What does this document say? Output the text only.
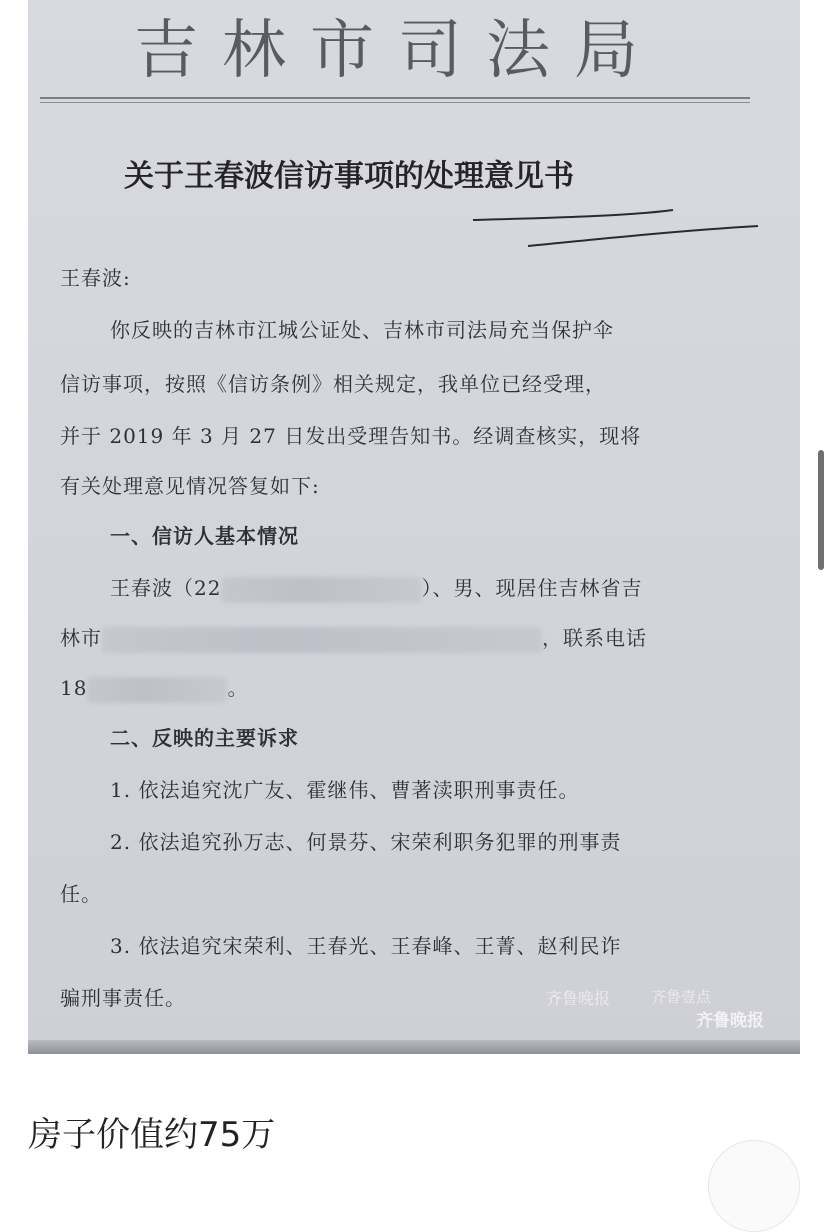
吉林市司法局
关于王春波信访事项的处理意见书
王春波:
你反映的吉林市江城公证处、吉林市司法局充当保护伞
信访事项，按照《信访条例》相关规定，我单位已经受理，
并于 2019 年 3 月 27 日发出受理告知书。经调查核实，现将
有关处理意见情况答复如下:
一、信访人基本情况
王春波（22	）、男、现居住吉林省吉
林市	，联系电话
18	。
二、反映的主要诉求
1. 依法追究沈广友、霍继伟、曹著渎职刑事责任。
2. 依法追究孙万志、何景芬、宋荣利职务犯罪的刑事责
任。
3. 依法追究宋荣利、王春光、王春峰、王菁、赵利民诈
骗刑事责任。	齐鲁晚报	齐鲁壹点
齐鲁晚报
房子价值约75万
